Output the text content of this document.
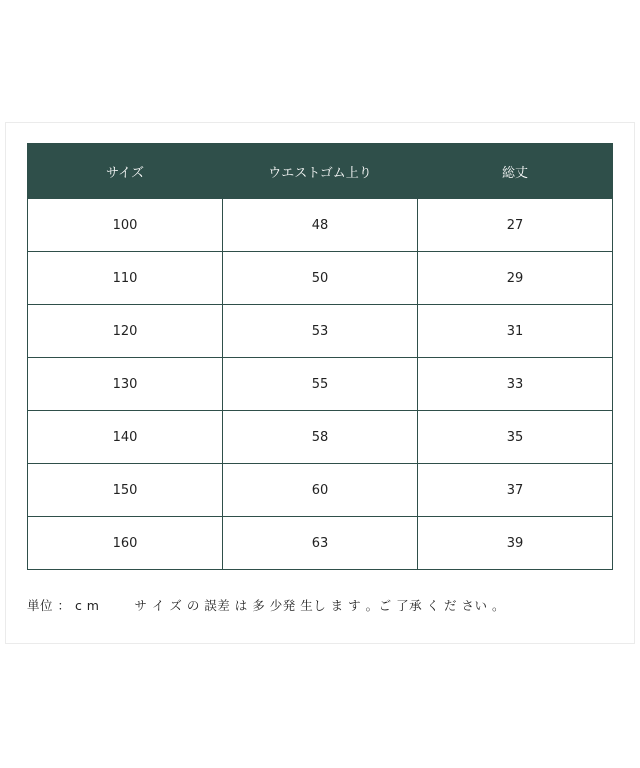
サイズ	ウエストゴム上り	総丈
100	48	27
110	50	29
120	53	31
130	55	33
140	58	35
150	60	37
160	63	39
単位 ： c m 　 　サ イ ズ の 誤差 は 多 少発 生し ま す 。ご 了承 く だ さい 。
